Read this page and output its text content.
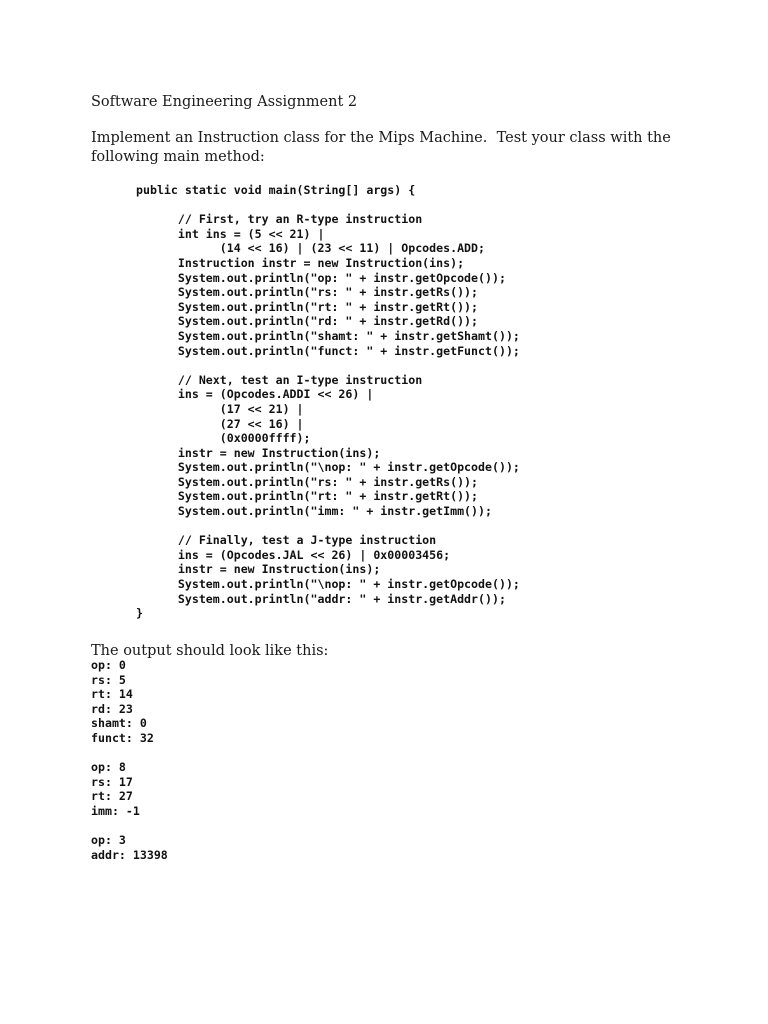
Software Engineering Assignment 2

Implement an Instruction class for the Mips Machine.  Test your class with the
following main method:

public static void main(String[] args) {
// First, try an R-type instruction
int ins = (5 << 21) |
(14 << 16) | (23 << 11) | Opcodes.ADD;
Instruction instr = new Instruction(ins);
System.out.println("op: " + instr.getOpcode());
System.out.println("rs: " + instr.getRs());
System.out.println("rt: " + instr.getRt());
System.out.println("rd: " + instr.getRd());
System.out.println("shamt: " + instr.getShamt());
System.out.println("funct: " + instr.getFunct());
// Next, test an I-type instruction
ins = (Opcodes.ADDI << 26) |
(17 << 21) |
(27 << 16) |
(0x0000ffff);
instr = new Instruction(ins);
System.out.println("\nop: " + instr.getOpcode());
System.out.println("rs: " + instr.getRs());
System.out.println("rt: " + instr.getRt());
System.out.println("imm: " + instr.getImm());
// Finally, test a J-type instruction
ins = (Opcodes.JAL << 26) | 0x00003456;
instr = new Instruction(ins);
System.out.println("\nop: " + instr.getOpcode());
System.out.println("addr: " + instr.getAddr());
}

The output should look like this:

op: 0
rs: 5
rt: 14
rd: 23
shamt: 0
funct: 32
op: 8
rs: 17
rt: 27
imm: -1
op: 3
addr: 13398
